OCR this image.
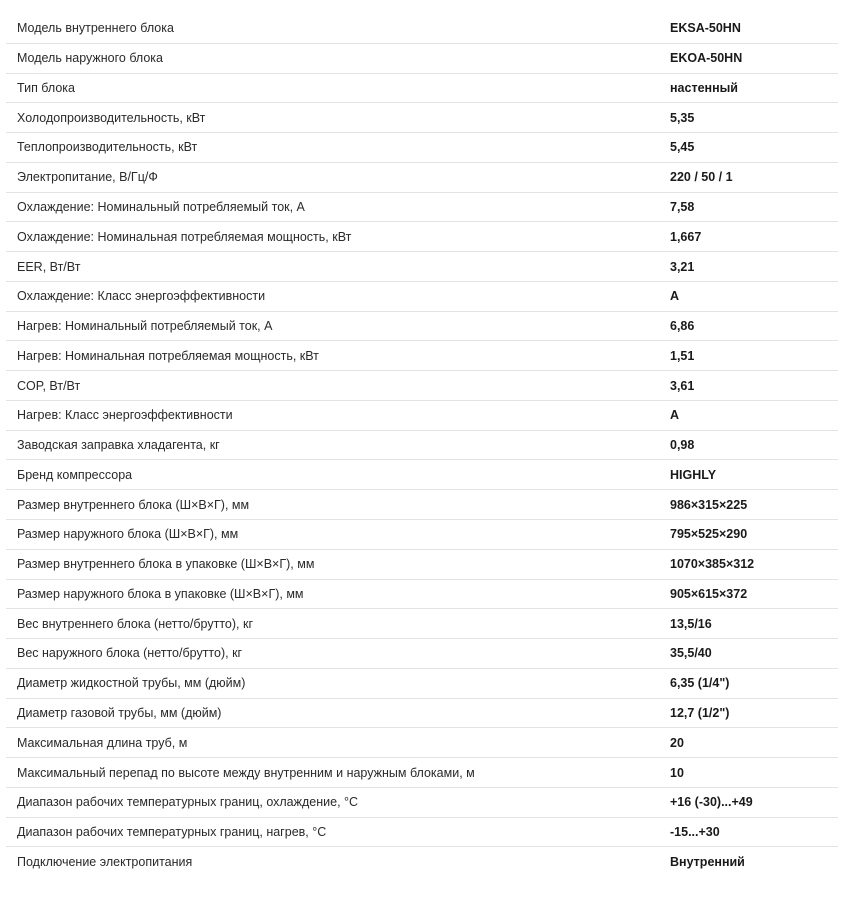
Модель внутреннего блока	EKSA-50HN
Модель наружного блока	EKOA-50HN
Тип блока	настенный
Холодопроизводительность, кВт	5,35
Теплопроизводительность, кВт	5,45
Электропитание, В/Гц/Ф	220 / 50 / 1
Охлаждение: Номинальный потребляемый ток, А	7,58
Охлаждение: Номинальная потребляемая мощность, кВт	1,667
EER, Вт/Вт	3,21
Охлаждение: Класс энергоэффективности	A
Нагрев: Номинальный потребляемый ток, А	6,86
Нагрев: Номинальная потребляемая мощность, кВт	1,51
COP, Вт/Вт	3,61
Нагрев: Класс энергоэффективности	A
Заводская заправка хладагента, кг	0,98
Бренд компрессора	HIGHLY
Размер внутреннего блока (Ш×В×Г), мм	986×315×225
Размер наружного блока (Ш×В×Г), мм	795×525×290
Размер внутреннего блока в упаковке (Ш×В×Г), мм	1070×385×312
Размер наружного блока в упаковке (Ш×В×Г), мм	905×615×372
Вес внутреннего блока (нетто/брутто), кг	13,5/16
Вес наружного блока (нетто/брутто), кг	35,5/40
Диаметр жидкостной трубы, мм (дюйм)	6,35 (1/4")
Диаметр газовой трубы, мм (дюйм)	12,7 (1/2")
Максимальная длина труб, м	20
Максимальный перепад по высоте между внутренним и наружным блоками, м	10
Диапазон рабочих температурных границ, охлаждение, °С	+16 (-30)...+49
Диапазон рабочих температурных границ, нагрев, °С	-15...+30
Подключение электропитания	Внутренний
